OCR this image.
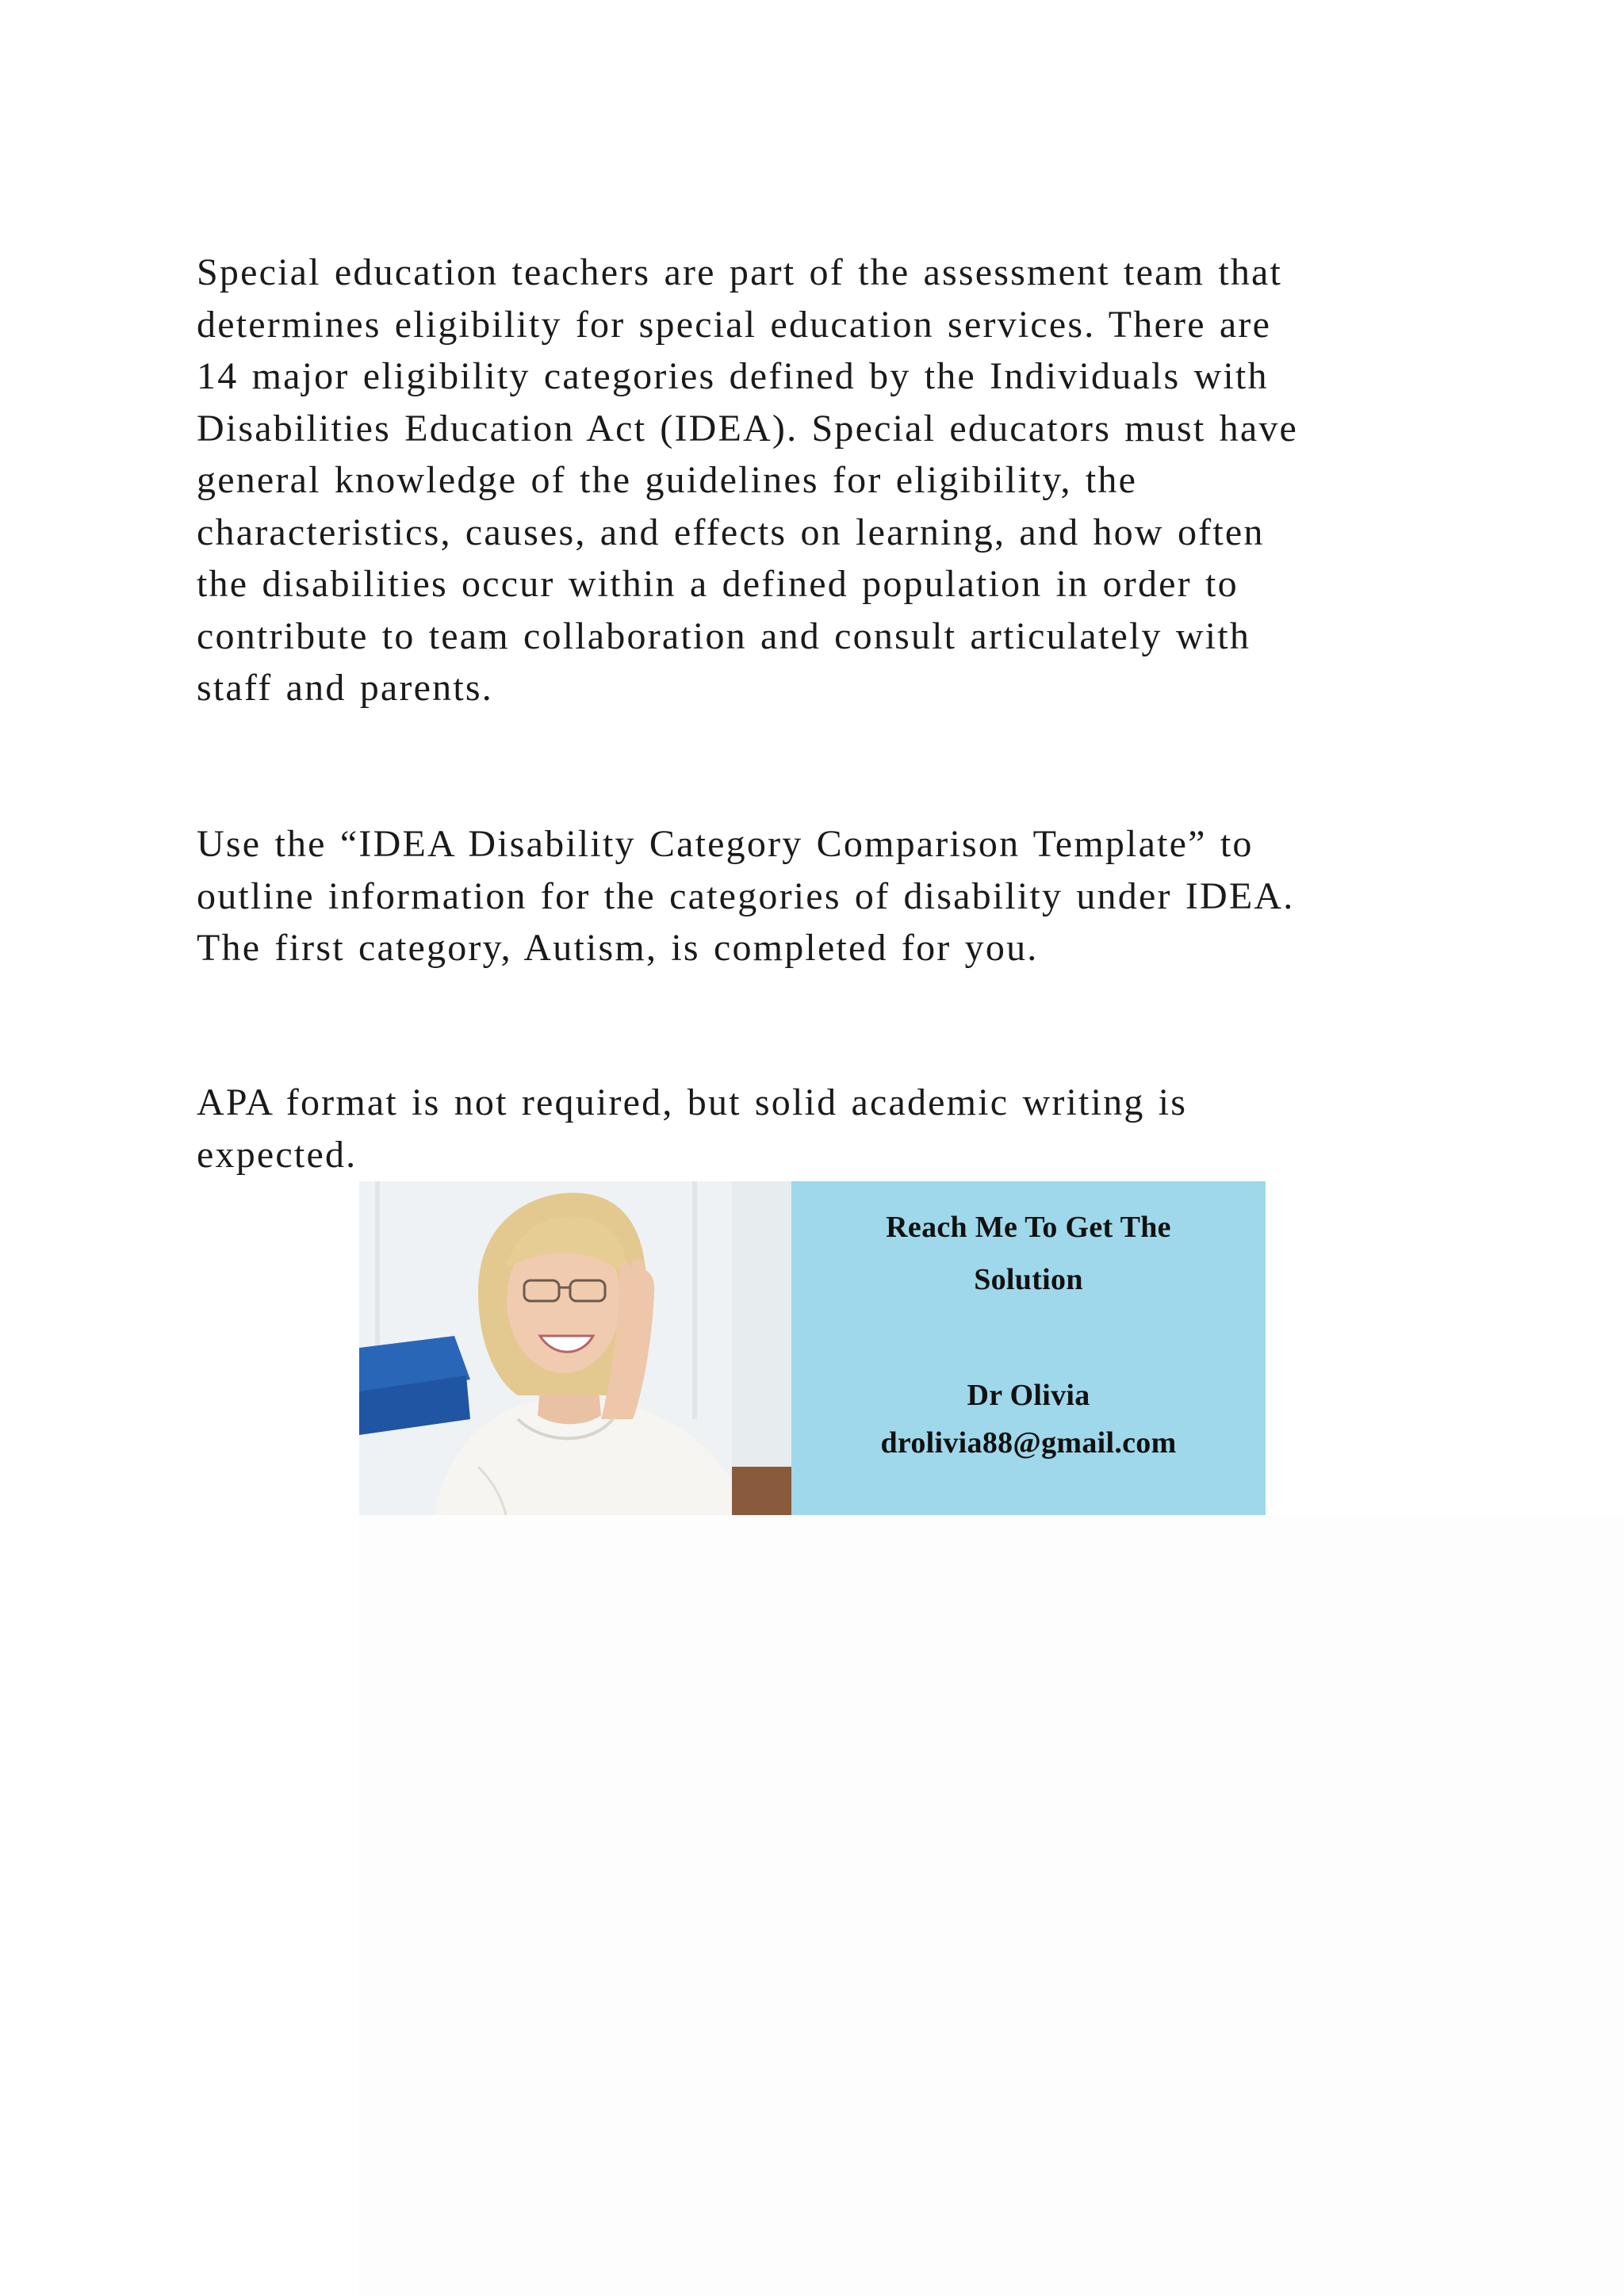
Special education teachers are part of the assessment team that
determines eligibility for special education services. There are
14 major eligibility categories defined by the Individuals with
Disabilities Education Act (IDEA). Special educators must have
general knowledge of the guidelines for eligibility, the
characteristics, causes, and effects on learning, and how often
the disabilities occur within a defined population in order to
contribute to team collaboration and consult articulately with
staff and parents.

Use the “IDEA Disability Category Comparison Template” to
outline information for the categories of disability under IDEA.
The first category, Autism, is completed for you.

APA format is not required, but solid academic writing is
expected.

Reach Me To Get The
Solution
Dr Olivia
drolivia88@gmail.com
